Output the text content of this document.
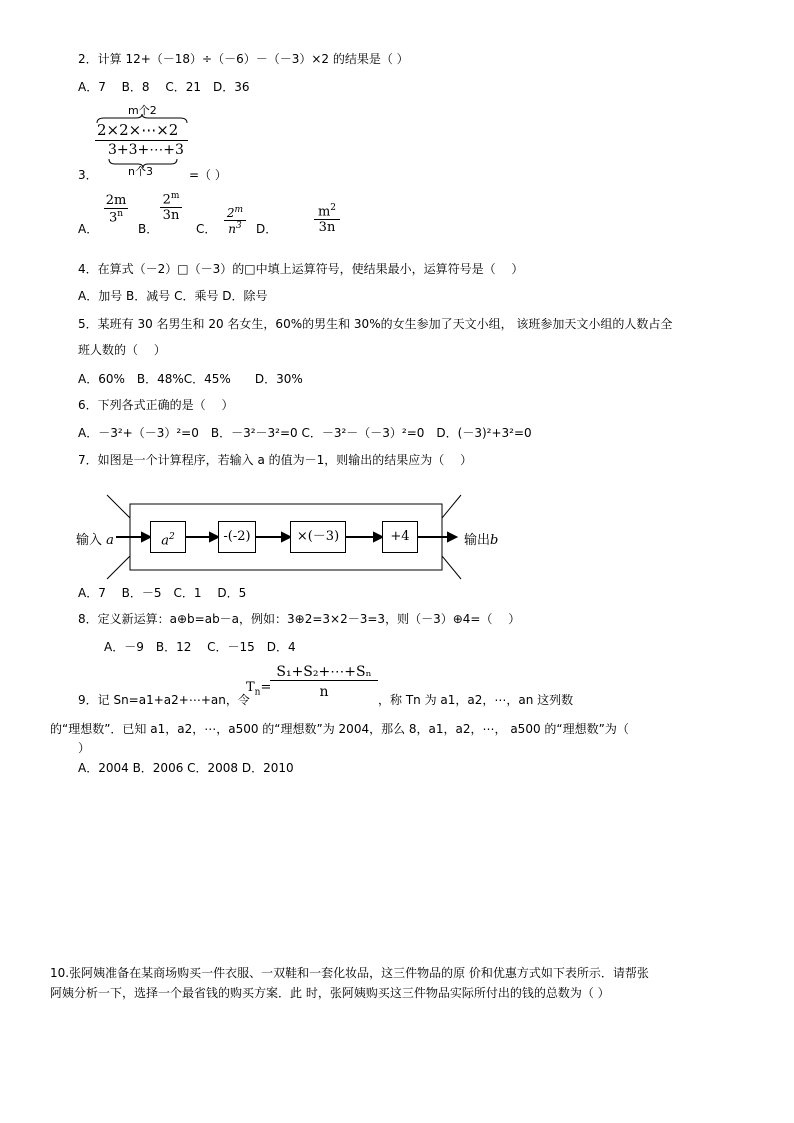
2．计算 12+（－18）÷（－6）－（－3）×2 的结果是（ ）
A．7　 B．8　 C．21　D．36
m个2
2×2×⋯×2
3+3+⋯+3
n个3
3．	=（ ）
A．
2m
3$^n$
B．
2$^m$
3n
C．
2$^m$
$n^3$	D．
$m^2$
3n
4．在算式（－2）□（－3）的□中填上运算符号，使结果最小，运算符号是（　 ）
A．加号 B．减号 C．乘号 D．除号
5．某班有 30 名男生和 20 名女生，60%的男生和 30%的女生参加了天文小组， 该班参加天文小组的人数占全
班人数的（　 ）
A．60%　B．48%C．45%　　D．30%
6．下列各式正确的是（　 ）
A．－3²+（－3）²=0　B．－3²－3²=0 C．－3²－（－3）²=0　D．(－3)²+3²=0
7．如图是一个计算程序，若输入 a 的值为－1，则输出的结果应为（　 ）
输入 a	$a^2$	-(-2)	×(－3)	+4	输出b
A．7　 B．－5　C．1　 D．5
8．定义新运算：a⊕b=ab－a，例如：3⊕2=3×2－3=3，则（－3）⊕4=（　 ）
A．－9　B．12　 C．－15　D．4
9．记 Sn=a1+a2+⋯+an，令
$T_n=$
S₁+S₂+⋯+Sₙ
n	，称 Tn 为 a1，a2，⋯，an 这列数
的“理想数”．已知 a1，a2，⋯，a500 的“理想数”为 2004，那么 8，a1，a2，⋯， a500 的“理想数”为（
）
A．2004 B．2006 C．2008 D．2010
10.张阿姨准备在某商场购买一件衣服、一双鞋和一套化妆品，这三件物品的原 价和优惠方式如下表所示．请帮张
阿姨分析一下，选择一个最省钱的购买方案．此 时，张阿姨购买这三件物品实际所付出的钱的总数为（ ）
